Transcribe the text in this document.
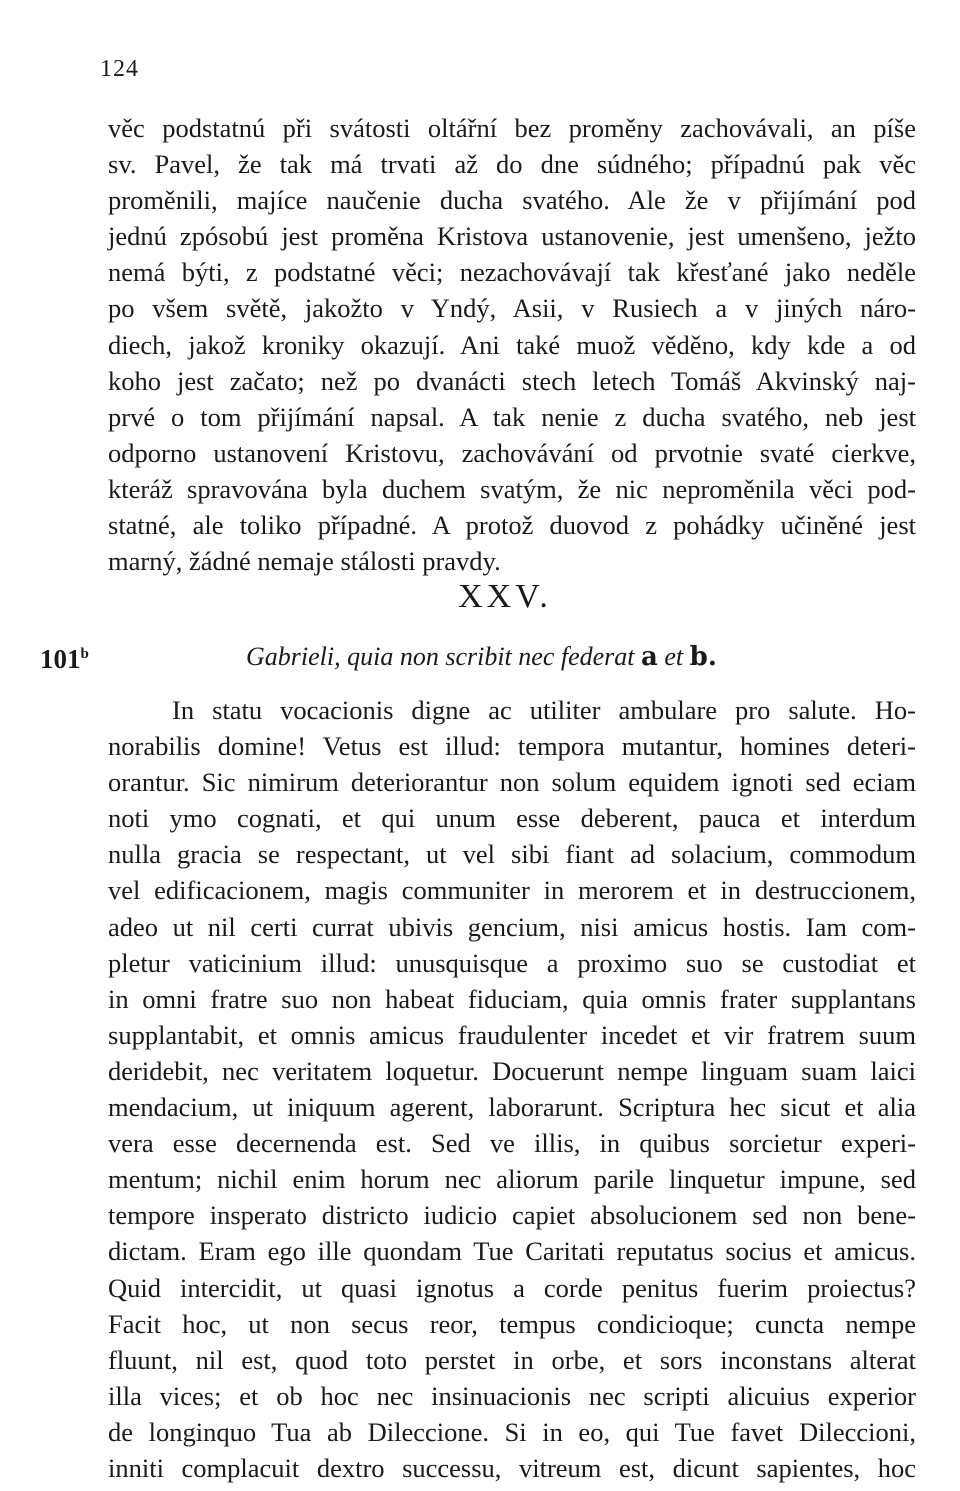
124
věc podstatnú při svátosti oltářní bez proměny zachovávali, an píše
sv. Pavel, že tak má trvati až do dne súdného; případnú pak věc
proměnili, majíce naučenie ducha svatého. Ale že v přijímání pod
jednú zpósobú jest proměna Kristova ustanovenie, jest umenšeno, ježto
nemá býti, z podstatné věci; nezachovávají tak křesťané jako neděle
po všem světě, jakožto v Yndý, Asii, v Rusiech a v jiných náro-
diech, jakož kroniky okazují. Ani také muož věděno, kdy kde a od
koho jest začato; než po dvanácti stech letech Tomáš Akvinský naj-
prvé o tom přijímání napsal. A tak nenie z ducha svatého, neb jest
odporno ustanovení Kristovu, zachovávání od prvotnie svaté cierkve,
kteráž spravována byla duchem svatým, že nic neproměnila věci pod-
statné, ale toliko případné. A protož duovod z pohádky učiněné jest
marný, žádné nemaje stálosti pravdy.
XXV.
101$^b$	Gabrieli, quia non scribit nec federat a et b.
In statu vocacionis digne ac utiliter ambulare pro salute. Ho-
norabilis domine! Vetus est illud: tempora mutantur, homines deteri-
orantur. Sic nimirum deteriorantur non solum equidem ignoti sed eciam
noti ymo cognati, et qui unum esse deberent, pauca et interdum
nulla gracia se respectant, ut vel sibi fiant ad solacium, commodum
vel edificacionem, magis communiter in merorem et in destruccionem,
adeo ut nil certi currat ubivis gencium, nisi amicus hostis. Iam com-
pletur vaticinium illud: unusquisque a proximo suo se custodiat et
in omni fratre suo non habeat fiduciam, quia omnis frater supplantans
supplantabit, et omnis amicus fraudulenter incedet et vir fratrem suum
deridebit, nec veritatem loquetur. Docuerunt nempe linguam suam laici
mendacium, ut iniquum agerent, laborarunt. Scriptura hec sicut et alia
vera esse decernenda est. Sed ve illis, in quibus sorcietur experi-
mentum; nichil enim horum nec aliorum parile linquetur impune, sed
tempore insperato districto iudicio capiet absolucionem sed non bene-
dictam. Eram ego ille quondam Tue Caritati reputatus socius et amicus.
Quid intercidit, ut quasi ignotus a corde penitus fuerim proiectus?
Facit hoc, ut non secus reor, tempus condicioque; cuncta nempe
fluunt, nil est, quod toto perstet in orbe, et sors inconstans alterat
illa vices; et ob hoc nec insinuacionis nec scripti alicuius experior
de longinquo Tua ab Dileccione. Si in eo, qui Tue favet Dileccioni,
inniti complacuit dextro successu, vitreum est, dicunt sapientes, hoc
